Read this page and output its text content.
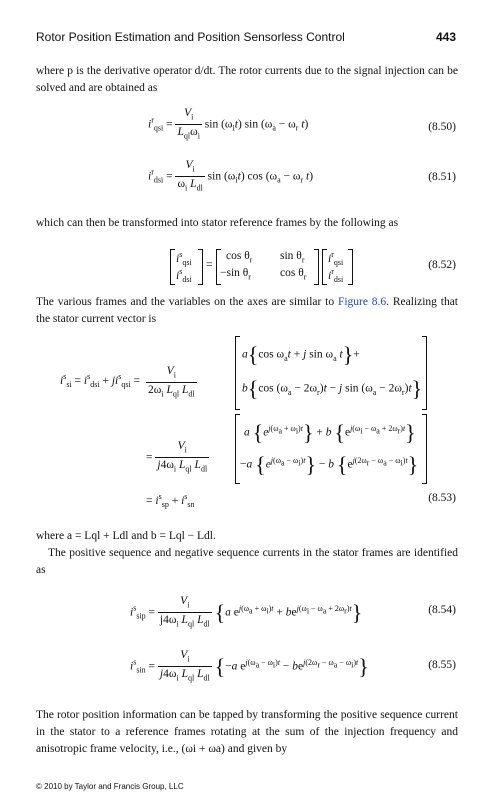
Rotor Position Estimation and Position Sensorless Control	443
where p is the derivative operator d/dt. The rotor currents due to the signal injection can be solved and are obtained as
$i^r_{qsi} = \frac{V_i}{L_{ql}\omega_i}$ $\sin (\omega_it)$ $\sin (\omega_a - \omega_r$ t)	(8.50)
$i^r_{dsi} = \frac{V_i}{\omega_i L_{dl}}$ $\sin (\omega_it)$ $\cos (\omega_a - \omega_r$ t)	(8.51)
which can then be transformed into stator reference frames by the following as
$i^s_{qsi}$
$i^s_{dsi}$
=
$\cos \theta_r$ $\sin \theta_r$
−sin $\theta_r$	$\cos \theta_r$
$i^r_{qsi}$
$i^r_{dsi}$
(8.52)
The various frames and the variables on the axes are similar to Figure 8.6. Realizing that the stator current vector is
$i^s_{si} = i^s_{dsi} + ji^s_{qsi} = \frac{V_i}{2\omega_i L_{ql} L_{dl}}$
a{cos $\omega_at + j$ $\sin \omega_a$ t}+
b{cos $(\omega_a - 2\omega_r)t - j$ $\sin (\omega_a - 2\omega_r)t$}
= $\frac{V_i}{j4\omega_i L_{ql} L_{dl}}$
a $\{e^{j(\omega_a + \omega_i)t}\} + b$ $\{e^{j(\omega_i - \omega_a + 2\omega_r)t}\}$
−a $\{e^{j(\omega_a - \omega_i)t}\} - b$ $\{e^{j(2\omega_r - \omega_a - \omega_i)t}\}$
= $i^s_{sp} + i^s_{sn}$
(8.53)
where a = Lql + Ldl and b = Lql − Ldl.
The positive sequence and negative sequence currents in the stator frames are identified as
$i^s_{sip} = \frac{V_i}{j4\omega_i L_{ql} L_{dl}} \{a$ $e^{j(\omega_a + \omega_i)t} + be^{j(\omega_i - \omega_a + 2\omega_r)t}$}	(8.54)
$i^s_{sin} = \frac{V_i}{j4\omega_i L_{ql} L_{dl}} \{-a$ $e^{j(\omega_a - \omega_i)t} - be^{j(2\omega_r - \omega_a - \omega_i)t}$}	(8.55)
The rotor position information can be tapped by transforming the positive sequence current in the stator to a reference frames rotating at the sum of the injection frequency and anisotropic frame velocity, i.e., (ωi + ωa) and given by
© 2010 by Taylor and Francis Group, LLC
